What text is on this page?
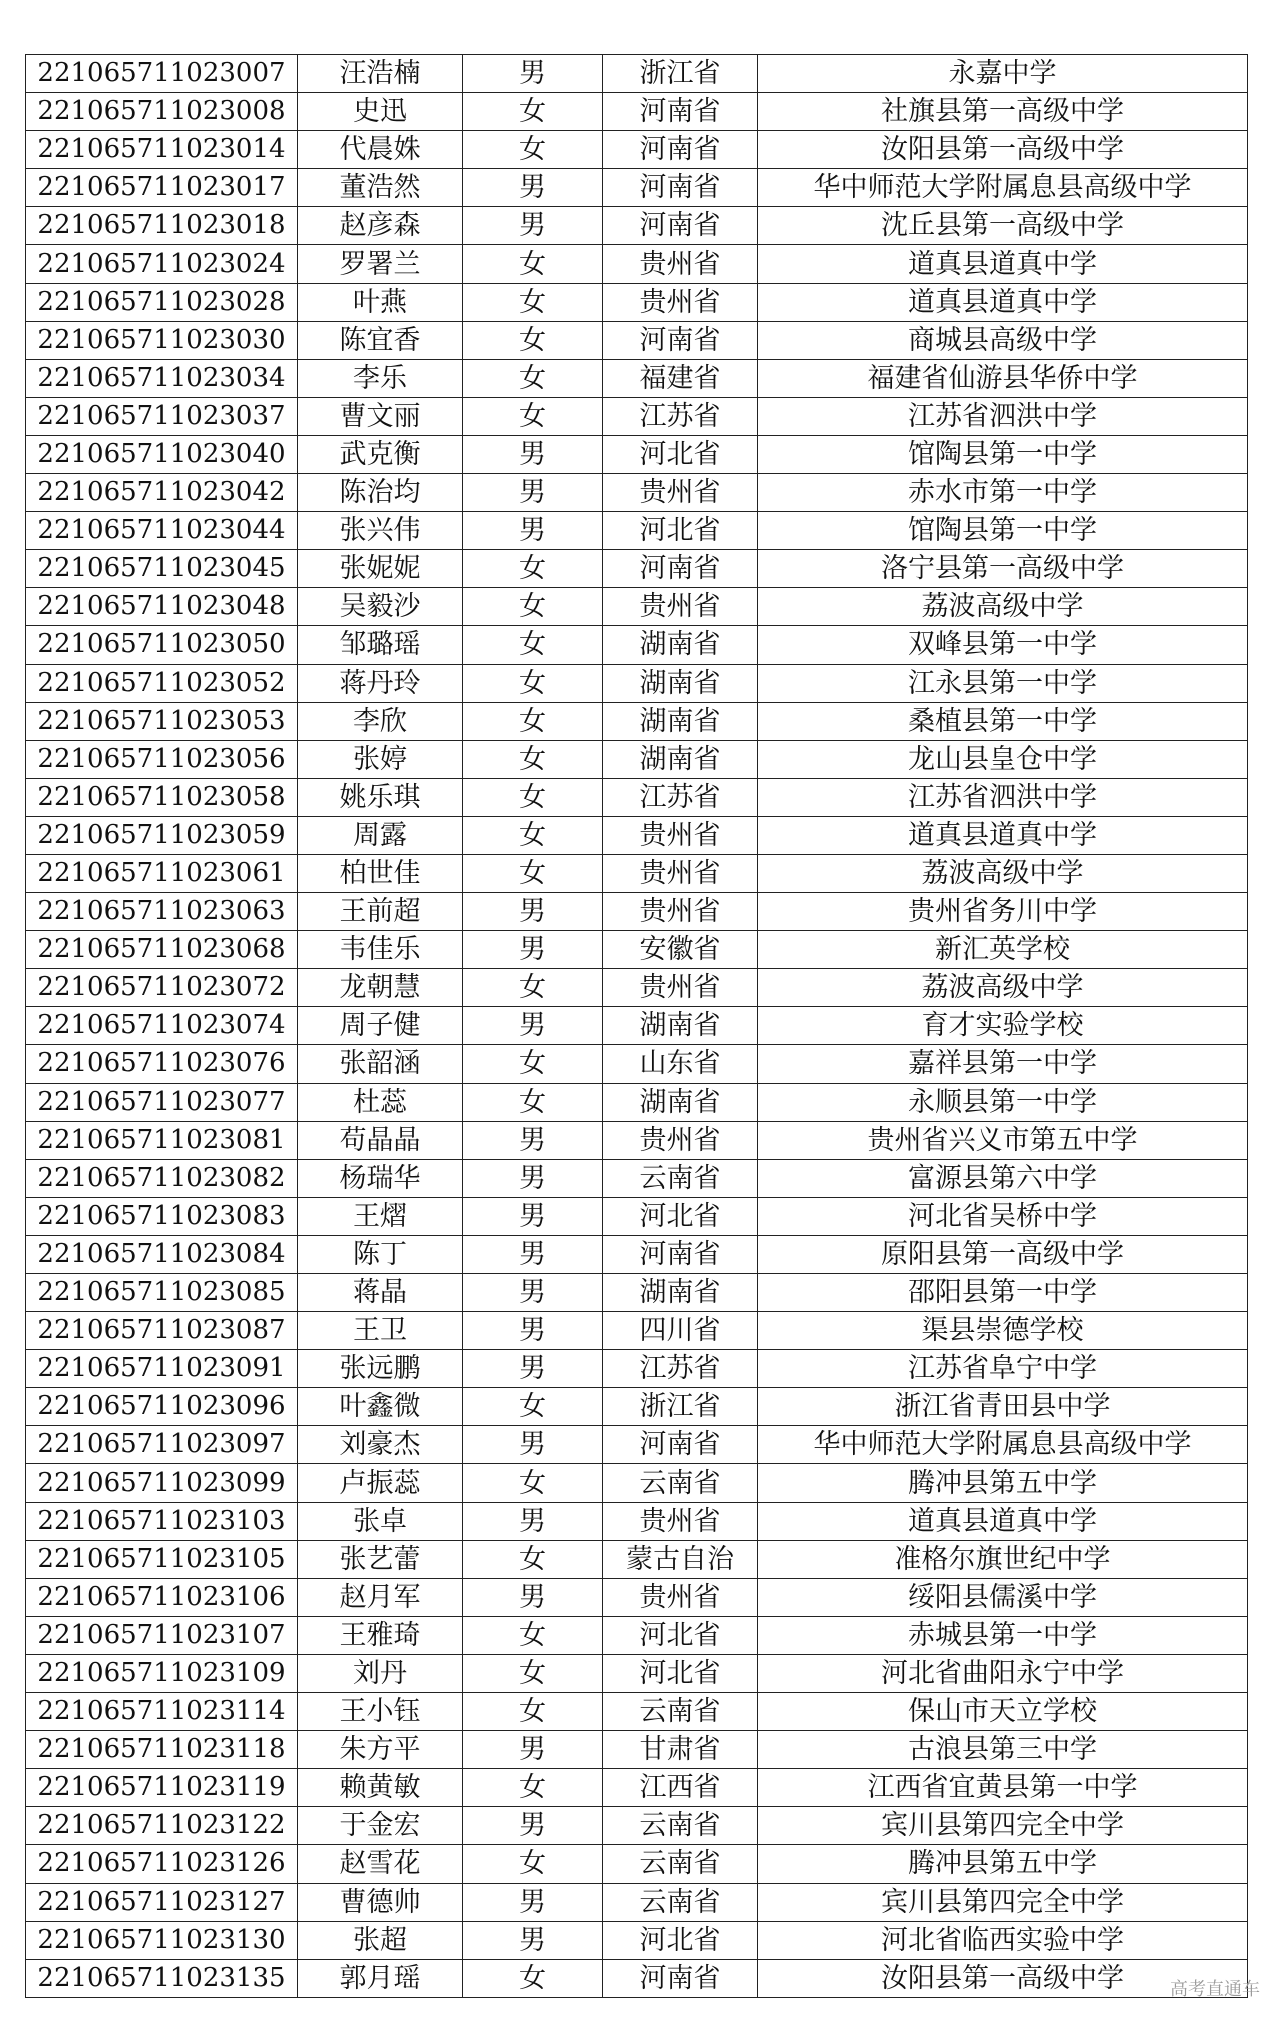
221065711023007	汪浩楠	男	浙江省	永嘉中学
221065711023008	史迅	女	河南省	社旗县第一高级中学
221065711023014	代晨姝	女	河南省	汝阳县第一高级中学
221065711023017	董浩然	男	河南省	华中师范大学附属息县高级中学
221065711023018	赵彦森	男	河南省	沈丘县第一高级中学
221065711023024	罗署兰	女	贵州省	道真县道真中学
221065711023028	叶燕	女	贵州省	道真县道真中学
221065711023030	陈宜香	女	河南省	商城县高级中学
221065711023034	李乐	女	福建省	福建省仙游县华侨中学
221065711023037	曹文丽	女	江苏省	江苏省泗洪中学
221065711023040	武克衡	男	河北省	馆陶县第一中学
221065711023042	陈治均	男	贵州省	赤水市第一中学
221065711023044	张兴伟	男	河北省	馆陶县第一中学
221065711023045	张妮妮	女	河南省	洛宁县第一高级中学
221065711023048	吴毅沙	女	贵州省	荔波高级中学
221065711023050	邹璐瑶	女	湖南省	双峰县第一中学
221065711023052	蒋丹玲	女	湖南省	江永县第一中学
221065711023053	李欣	女	湖南省	桑植县第一中学
221065711023056	张婷	女	湖南省	龙山县皇仓中学
221065711023058	姚乐琪	女	江苏省	江苏省泗洪中学
221065711023059	周露	女	贵州省	道真县道真中学
221065711023061	柏世佳	女	贵州省	荔波高级中学
221065711023063	王前超	男	贵州省	贵州省务川中学
221065711023068	韦佳乐	男	安徽省	新汇英学校
221065711023072	龙朝慧	女	贵州省	荔波高级中学
221065711023074	周子健	男	湖南省	育才实验学校
221065711023076	张韶涵	女	山东省	嘉祥县第一中学
221065711023077	杜蕊	女	湖南省	永顺县第一中学
221065711023081	苟晶晶	男	贵州省	贵州省兴义市第五中学
221065711023082	杨瑞华	男	云南省	富源县第六中学
221065711023083	王熠	男	河北省	河北省吴桥中学
221065711023084	陈丁	男	河南省	原阳县第一高级中学
221065711023085	蒋晶	男	湖南省	邵阳县第一中学
221065711023087	王卫	男	四川省	渠县崇德学校
221065711023091	张远鹏	男	江苏省	江苏省阜宁中学
221065711023096	叶鑫微	女	浙江省	浙江省青田县中学
221065711023097	刘豪杰	男	河南省	华中师范大学附属息县高级中学
221065711023099	卢振蕊	女	云南省	腾冲县第五中学
221065711023103	张卓	男	贵州省	道真县道真中学
221065711023105	张艺蕾	女	蒙古自治	准格尔旗世纪中学
221065711023106	赵月军	男	贵州省	绥阳县儒溪中学
221065711023107	王雅琦	女	河北省	赤城县第一中学
221065711023109	刘丹	女	河北省	河北省曲阳永宁中学
221065711023114	王小钰	女	云南省	保山市天立学校
221065711023118	朱方平	男	甘肃省	古浪县第三中学
221065711023119	赖黄敏	女	江西省	江西省宜黄县第一中学
221065711023122	于金宏	男	云南省	宾川县第四完全中学
221065711023126	赵雪花	女	云南省	腾冲县第五中学
221065711023127	曹德帅	男	云南省	宾川县第四完全中学
221065711023130	张超	男	河北省	河北省临西实验中学
221065711023135	郭月瑶	女	河南省	汝阳县第一高级中学	高考直通车
